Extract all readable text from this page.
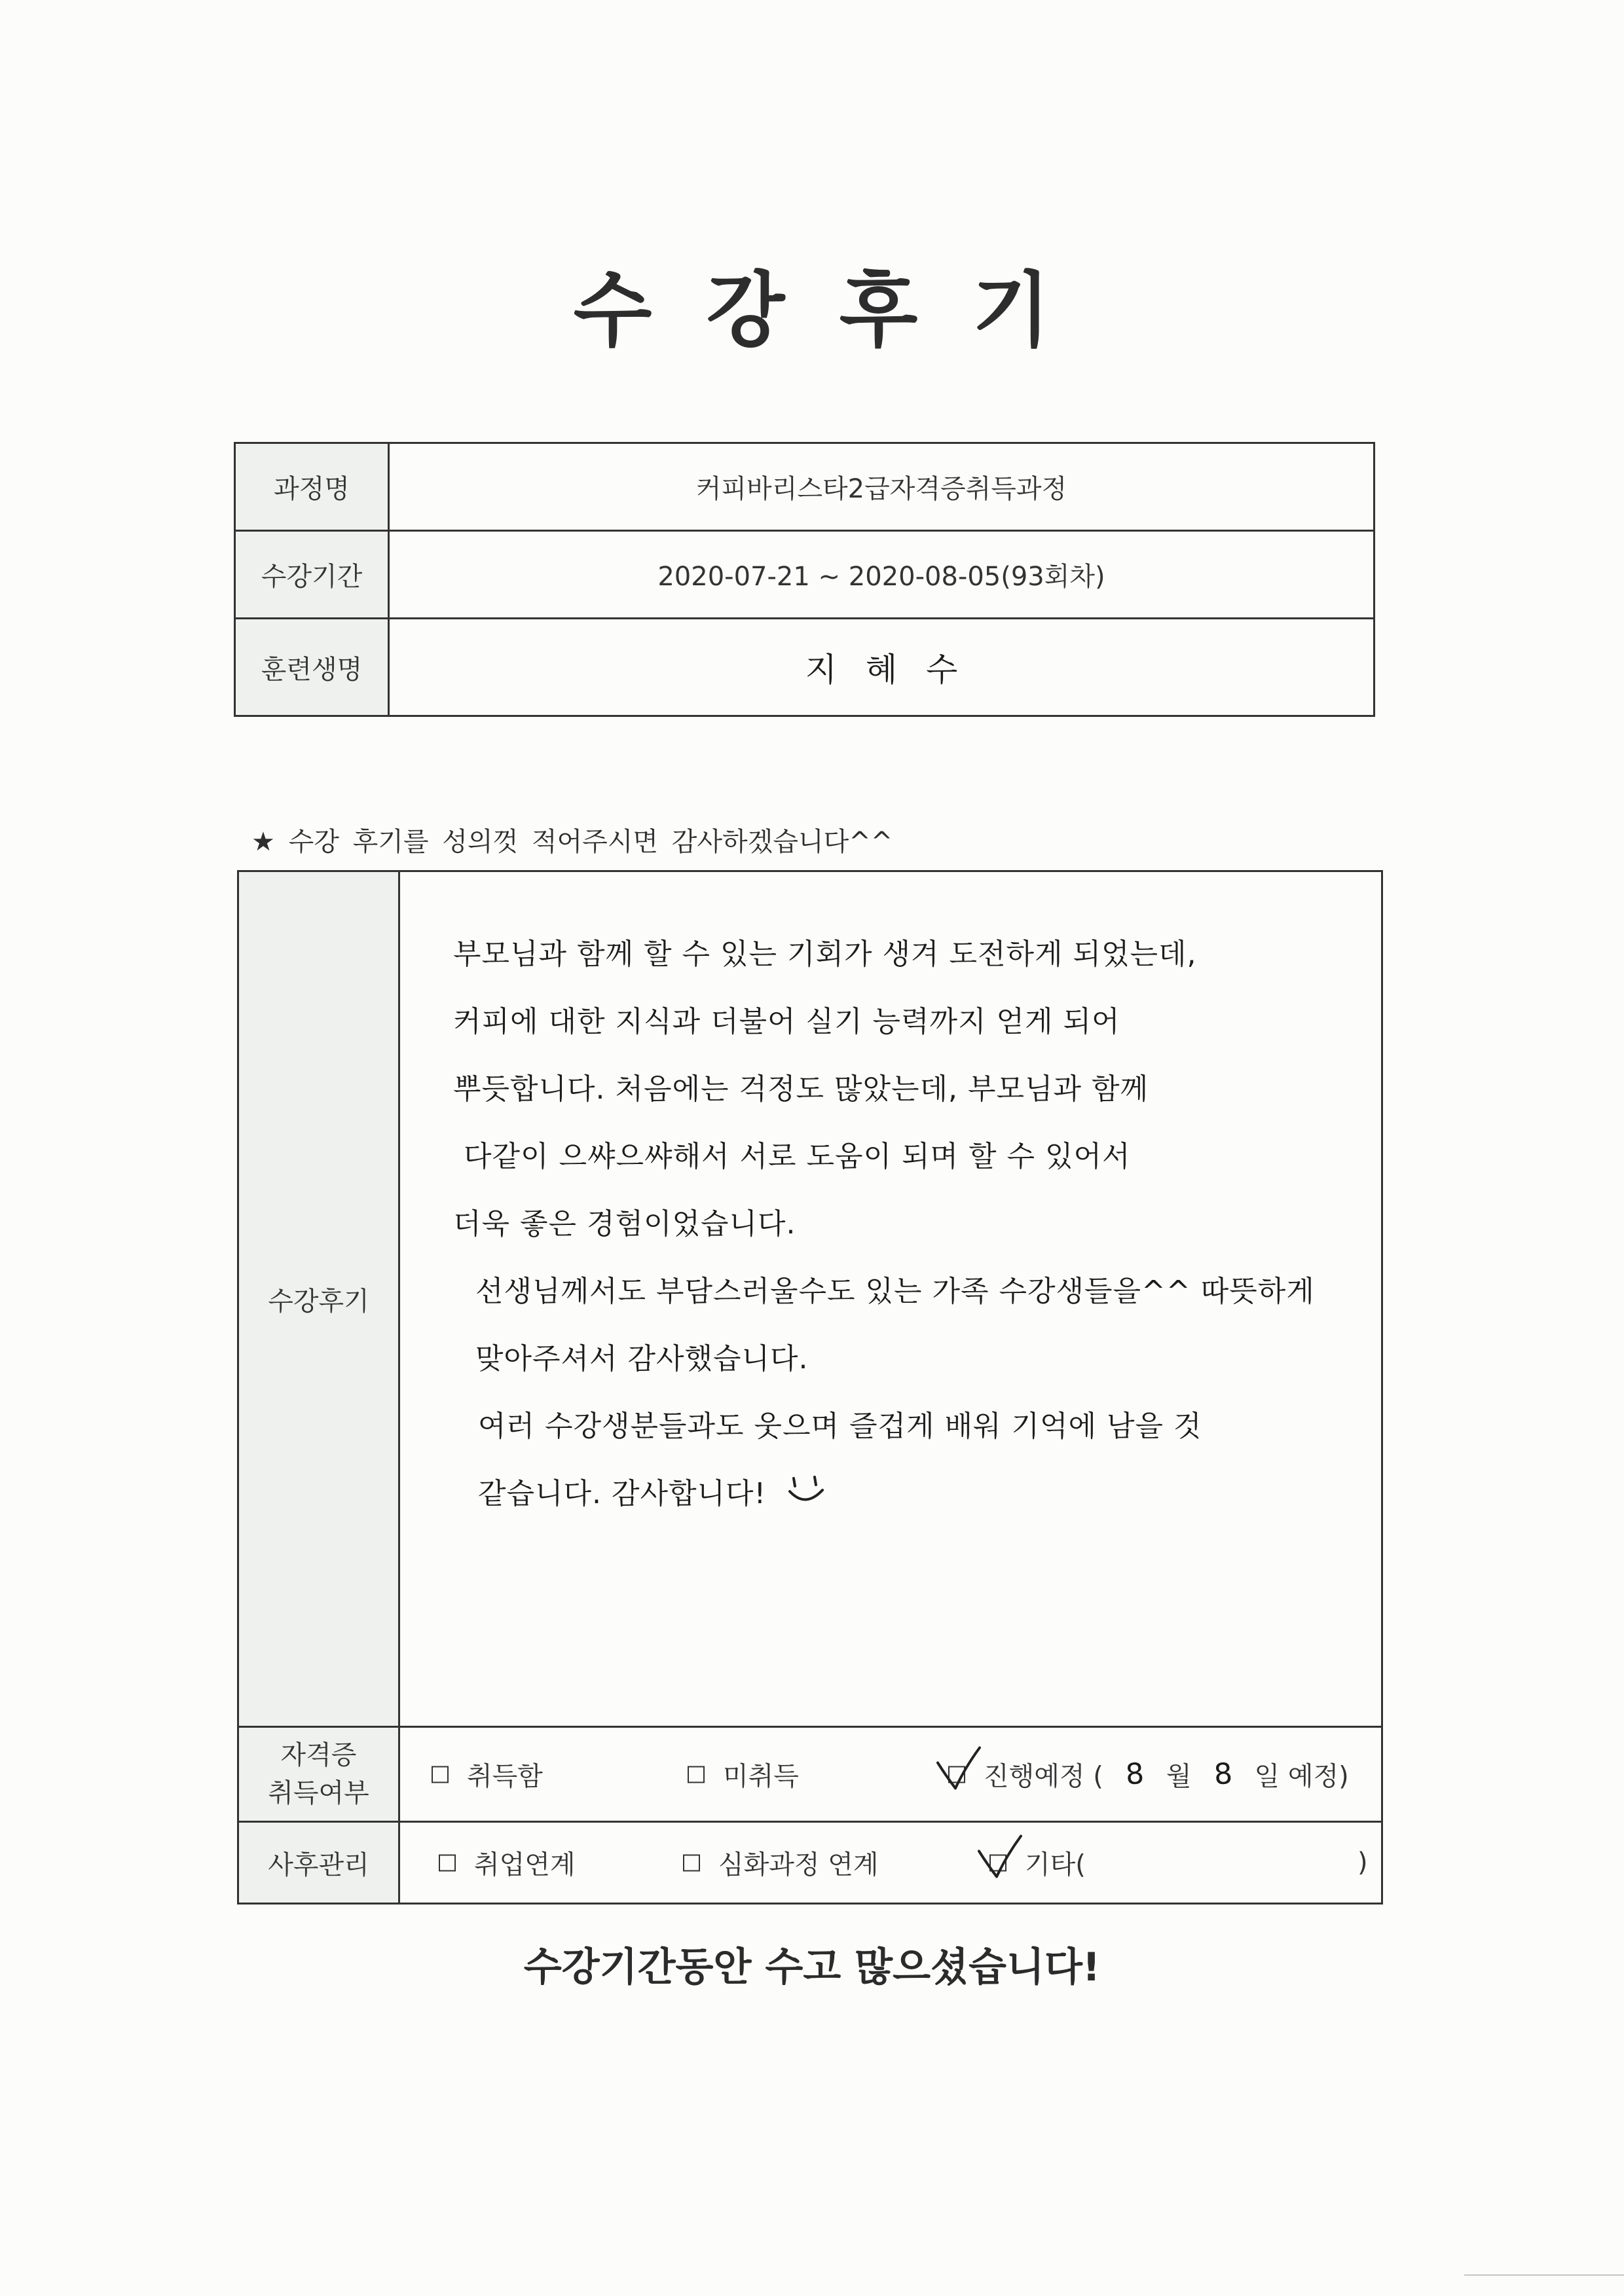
수 강 후 기
과정명	커피바리스타2급자격증취득과정
수강기간	2020-07-21 ~ 2020-08-05(93회차)
훈련생명	지 혜 수
★ 수강 후기를 성의껏 적어주시면 감사하겠습니다^^
수강후기
부모님과 함께 할 수 있는 기회가 생겨 도전하게 되었는데,
커피에 대한 지식과 더불어 실기 능력까지 얻게 되어
뿌듯합니다. 처음에는 걱정도 많았는데, 부모님과 함께
다같이 으쌰으쌰해서 서로 도움이 되며 할 수 있어서
더욱 좋은 경험이었습니다.
선생님께서도 부담스러울수도 있는 가족 수강생들을^^ 따뜻하게
맞아주셔서 감사했습니다.
여러 수강생분들과도 웃으며 즐겁게 배워 기억에 남을 것
같습니다. 감사합니다!
자격증
취득여부
취득함	미취득	진행예정 ( 8 월 8 일 예정)
사후관리	취업연계	심화과정 연계	기타(	)
수강기간동안 수고 많으셨습니다!
